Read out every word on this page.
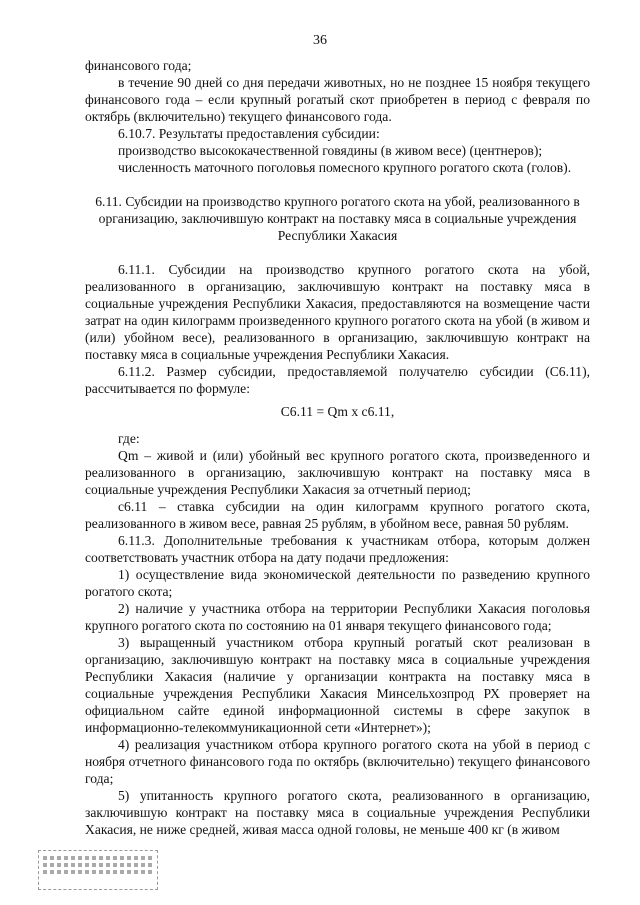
36

финансового года;

в течение 90 дней со дня передачи животных, но не позднее 15 ноября текущего финансового года – если крупный рогатый скот приобретен в период с февраля по октябрь (включительно) текущего финансового года.

6.10.7. Результаты предоставления субсидии:

производство высококачественной говядины (в живом весе) (центнеров);

численность маточного поголовья помесного крупного рогатого скота (голов).

6.11. Субсидии на производство крупного рогатого скота на убой, реализованного в организацию, заключившую контракт на поставку мяса в социальные учреждения Республики Хакасия

6.11.1. Субсидии на производство крупного рогатого скота на убой, реализованного в организацию, заключившую контракт на поставку мяса в социальные учреждения Республики Хакасия, предоставляются на возмещение части затрат на один килограмм произведенного крупного рогатого скота на убой (в живом и (или) убойном весе), реализованного в организацию, заключившую контракт на поставку мяса в социальные учреждения Республики Хакасия.

6.11.2. Размер субсидии, предоставляемой получателю субсидии (C6.11), рассчитывается по формуле:

C6.11 = Qm x c6.11,

где:

Qm – живой и (или) убойный вес крупного рогатого скота, произведенного и реализованного в организацию, заключившую контракт на поставку мяса в социальные учреждения Республики Хакасия за отчетный период;

c6.11 – ставка субсидии на один килограмм крупного рогатого скота, реализованного в живом весе, равная 25 рублям, в убойном весе, равная 50 рублям.

6.11.3. Дополнительные требования к участникам отбора, которым должен соответствовать участник отбора на дату подачи предложения:

1) осуществление вида экономической деятельности по разведению крупного рогатого скота;

2) наличие у участника отбора на территории Республики Хакасия поголовья крупного рогатого скота по состоянию на 01 января текущего финансового года;

3) выращенный участником отбора крупный рогатый скот реализован в организацию, заключившую контракт на поставку мяса в социальные учреждения Республики Хакасия (наличие у организации контракта на поставку мяса в социальные учреждения Республики Хакасия Минсельхозпрод РХ проверяет на официальном сайте единой информационной системы в сфере закупок в информационно-телекоммуникационной сети «Интернет»);

4) реализация участником отбора крупного рогатого скота на убой в период с ноября отчетного финансового года по октябрь (включительно) текущего финансового года;

5) упитанность крупного рогатого скота, реализованного в организацию, заключившую контракт на поставку мяса в социальные учреждения Республики Хакасия, не ниже средней, живая масса одной головы, не меньше 400 кг (в живом
